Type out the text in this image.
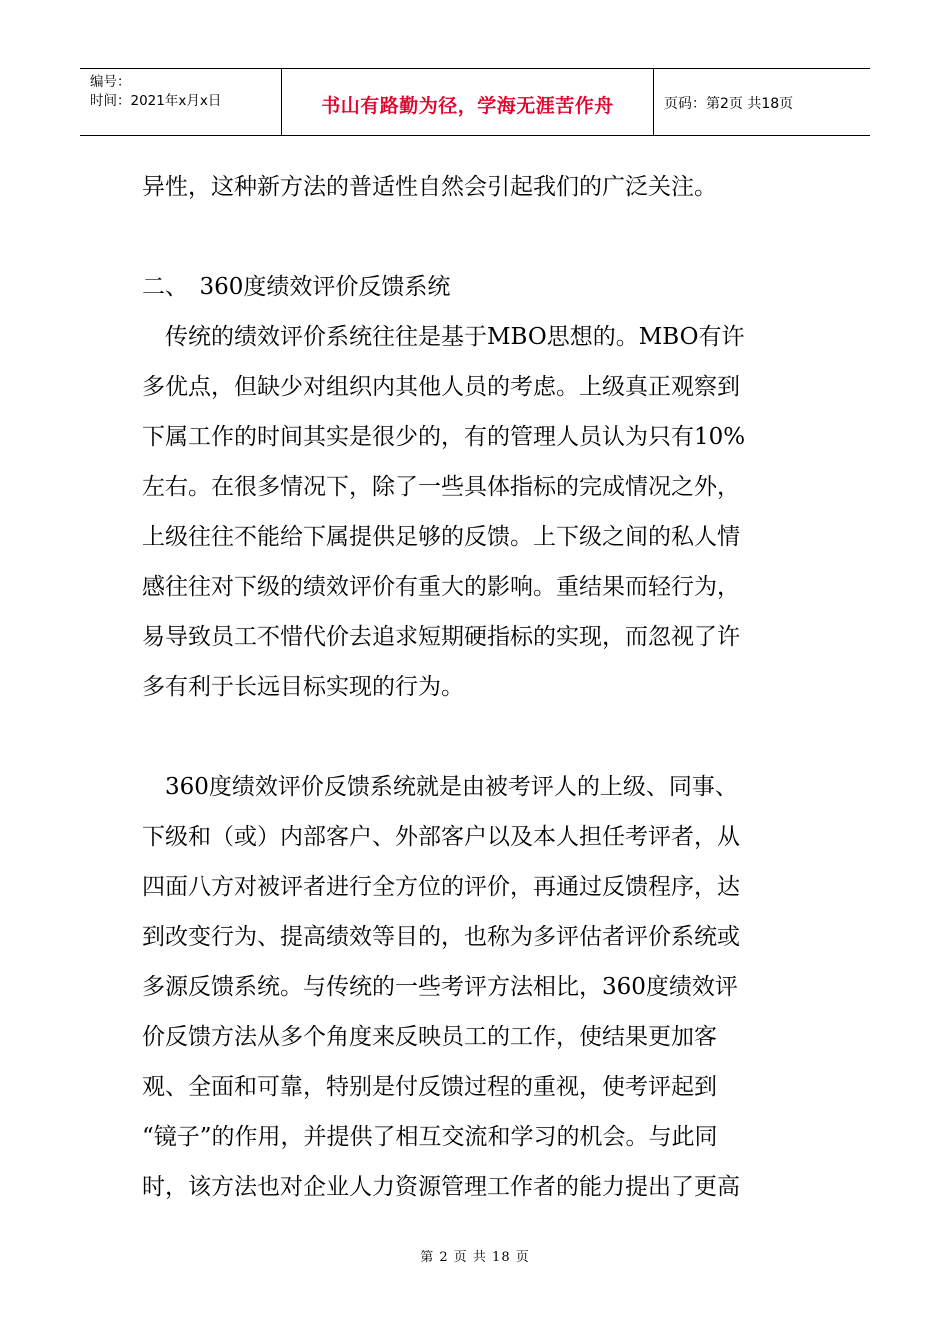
编号：
时间：2021年x月x日	书山有路勤为径，学海无涯苦作舟	页码：第2页 共18页

异性，这种新方法的普适性自然会引起我们的广泛关注。

二、　360度绩效评价反馈系统

　传统的绩效评价系统往往是基于MBO思想的。MBO有许

多优点，但缺少对组织内其他人员的考虑。上级真正观察到

下属工作的时间其实是很少的，有的管理人员认为只有10%

左右。在很多情况下，除了一些具体指标的完成情况之外，

上级往往不能给下属提供足够的反馈。上下级之间的私人情

感往往对下级的绩效评价有重大的影响。重结果而轻行为，

易导致员工不惜代价去追求短期硬指标的实现，而忽视了许

多有利于长远目标实现的行为。

　360度绩效评价反馈系统就是由被考评人的上级、同事、

下级和（或）内部客户、外部客户以及本人担任考评者，从

四面八方对被评者进行全方位的评价，再通过反馈程序，达

到改变行为、提高绩效等目的，也称为多评估者评价系统或

多源反馈系统。与传统的一些考评方法相比，360度绩效评

价反馈方法从多个角度来反映员工的工作，使结果更加客

观、全面和可靠，特别是付反馈过程的重视，使考评起到

“镜子”的作用，并提供了相互交流和学习的机会。与此同

时，该方法也对企业人力资源管理工作者的能力提出了更高

第 2 页 共 18 页
